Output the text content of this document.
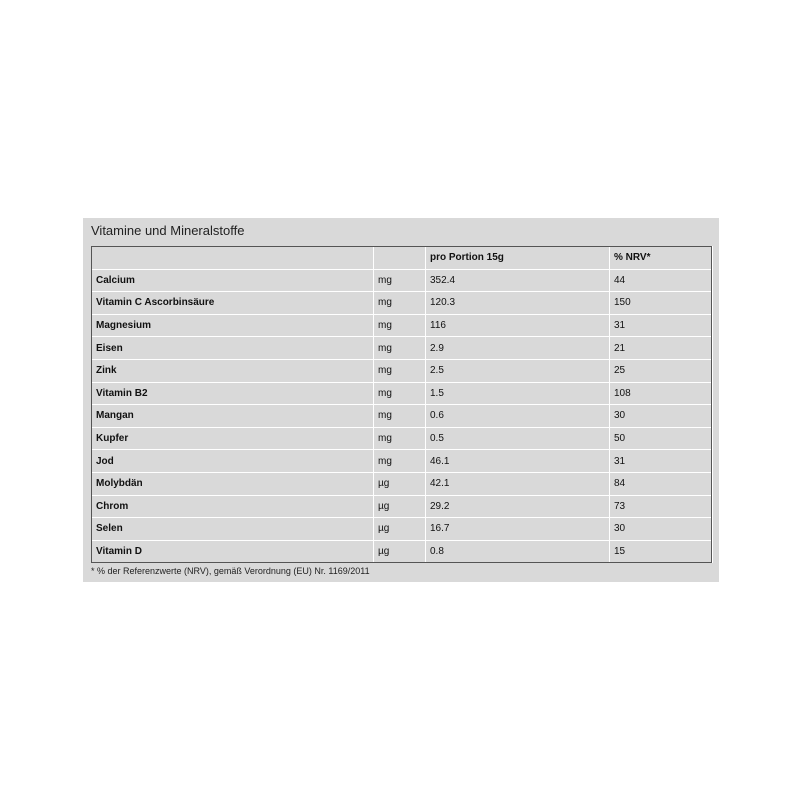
Vitamine und Mineralstoffe
		pro Portion 15g	% NRV*
Calcium	mg	352.4	44
Vitamin C Ascorbinsäure	mg	120.3	150
Magnesium	mg	116	31
Eisen	mg	2.9	21
Zink	mg	2.5	25
Vitamin B2	mg	1.5	108
Mangan	mg	0.6	30
Kupfer	mg	0.5	50
Jod	mg	46.1	31
Molybdän	µg	42.1	84
Chrom	µg	29.2	73
Selen	µg	16.7	30
Vitamin D	µg	0.8	15

* % der Referenzwerte (NRV), gemäß Verordnung (EU) Nr. 1169/2011
